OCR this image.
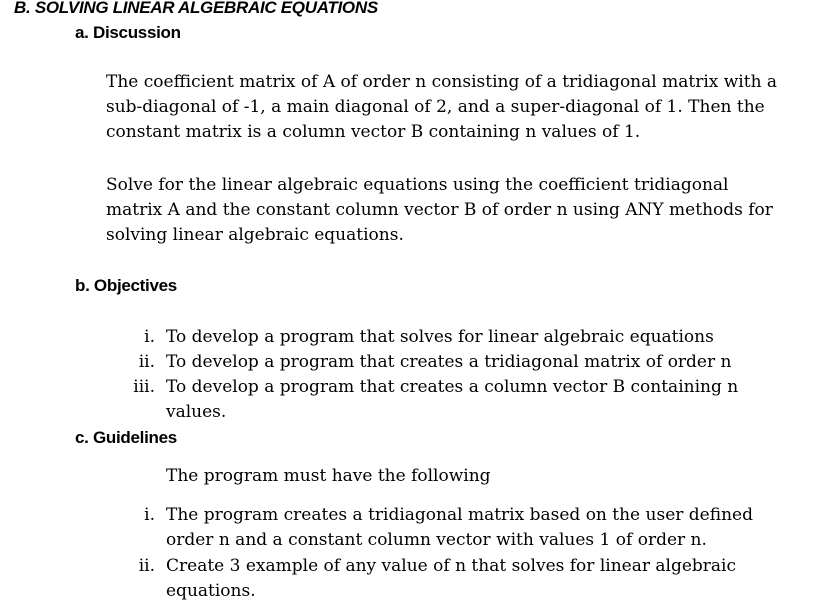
B. SOLVING LINEAR ALGEBRAIC EQUATIONS
a. Discussion
The coefficient matrix of A of order n consisting of a tridiagonal matrix with a
sub-diagonal of -1, a main diagonal of 2, and a super-diagonal of 1. Then the
constant matrix is a column vector B containing n values of 1.
Solve for the linear algebraic equations using the coefficient tridiagonal
matrix A and the constant column vector B of order n using ANY methods for
solving linear algebraic equations.
b. Objectives
i. To develop a program that solves for linear algebraic equations
ii. To develop a program that creates a tridiagonal matrix of order n
iii. To develop a program that creates a column vector B containing n
values.
c. Guidelines
The program must have the following
i. The program creates a tridiagonal matrix based on the user defined
order n and a constant column vector with values 1 of order n.
ii. Create 3 example of any value of n that solves for linear algebraic
equations.
